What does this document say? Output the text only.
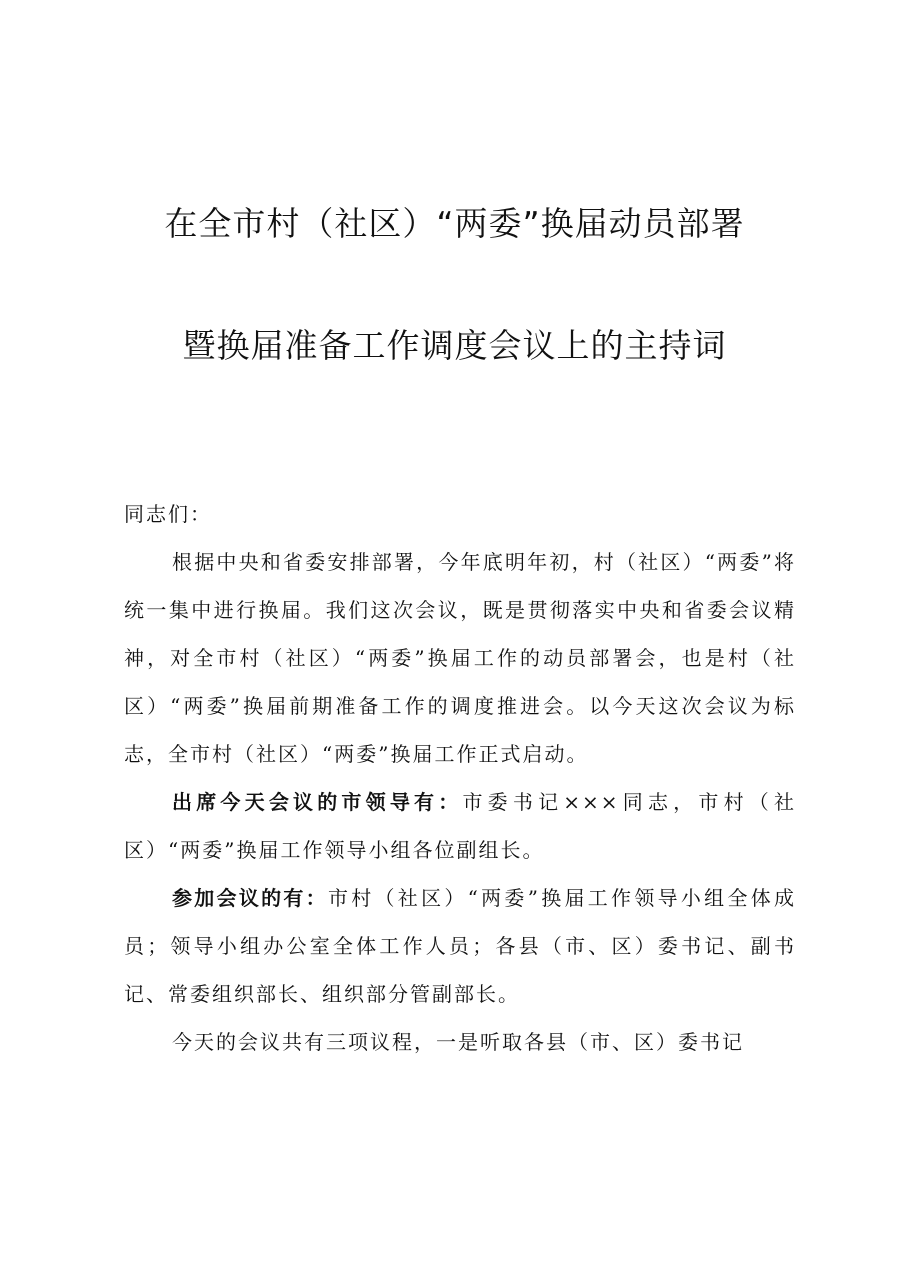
在全市村（社区）“两委”换届动员部署
暨换届准备工作调度会议上的主持词
同志们：

根据中央和省委安排部署，今年底明年初，村（社区）“两委”将统一集中进行换届。我们这次会议，既是贯彻落实中央和省委会议精神，对全市村（社区）“两委”换届工作的动员部署会，也是村（社区）“两委”换届前期准备工作的调度推进会。以今天这次会议为标志，全市村（社区）“两委”换届工作正式启动。

出席今天会议的市领导有：市委书记×××同志，市村（社区）“两委”换届工作领导小组各位副组长。

参加会议的有：市村（社区）“两委”换届工作领导小组全体成员；领导小组办公室全体工作人员；各县（市、区）委书记、副书记、常委组织部长、组织部分管副部长。

今天的会议共有三项议程，一是听取各县（市、区）委书记
